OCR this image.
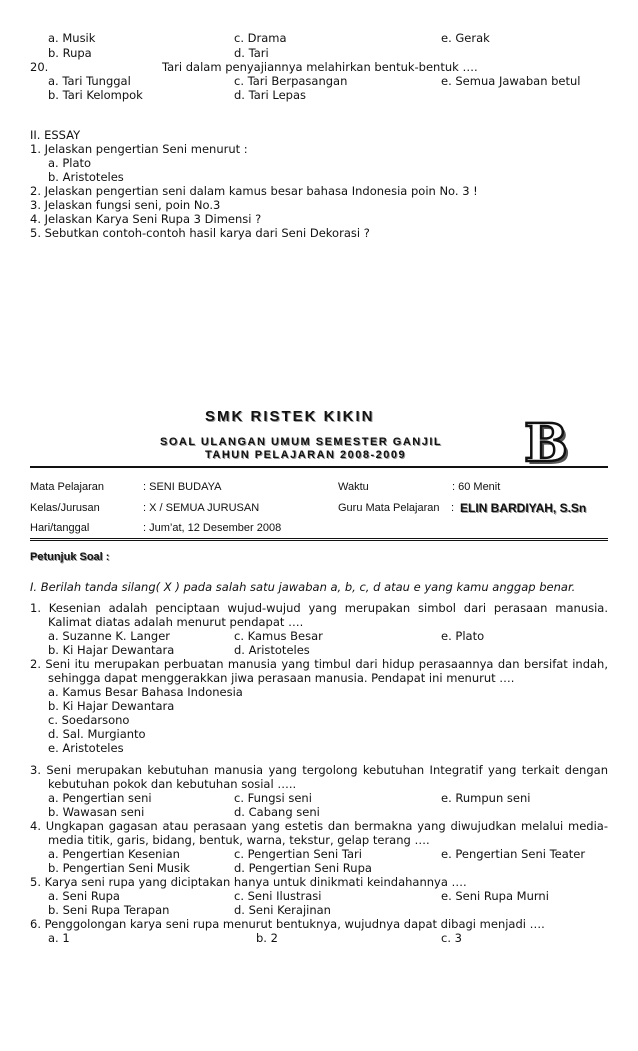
a. Musik	c. Drama	e. Gerak
b. Rupa	d. Tari
20.	Tari dalam penyajiannya melahirkan bentuk-bentuk ….
a. Tari Tunggal	c. Tari Berpasangan	e. Semua Jawaban betul
b. Tari Kelompok	d. Tari Lepas
II. ESSAY
1. Jelaskan pengertian Seni menurut :
a. Plato
b. Aristoteles
2. Jelaskan pengertian seni dalam kamus besar bahasa Indonesia poin No. 3 !
3. Jelaskan fungsi seni, poin No.3
4. Jelaskan Karya Seni Rupa 3 Dimensi ?
5. Sebutkan contoh-contoh hasil karya dari Seni Dekorasi ?
SMK RISTEK KIKIN
SOAL ULANGAN UMUM SEMESTER GANJIL
TAHUN PELAJARAN 2008-2009 B
Mata Pelajaran	: SENI BUDAYA	Waktu	: 60 Menit
Kelas/Jurusan	: X / SEMUA JURUSAN	Guru Mata Pelajaran : ELIN BARDIYAH, S.Sn
Hari/tanggal	: Jum’at, 12 Desember 2008
Petunjuk Soal :
I. Berilah tanda silang( X ) pada salah satu jawaban a, b, c, d atau e yang kamu anggap benar.
1. Kesenian adalah penciptaan wujud-wujud yang merupakan simbol dari perasaan manusia.
Kalimat diatas adalah menurut pendapat ….
a. Suzanne K. Langer	c. Kamus Besar	e. Plato
b. Ki Hajar Dewantara	d. Aristoteles
2. Seni itu merupakan perbuatan manusia yang timbul dari hidup perasaannya dan bersifat indah,
sehingga dapat menggerakkan jiwa perasaan manusia. Pendapat ini menurut ….
a. Kamus Besar Bahasa Indonesia
b. Ki Hajar Dewantara
c. Soedarsono
d. Sal. Murgianto
e. Aristoteles
3. Seni merupakan kebutuhan manusia yang tergolong kebutuhan Integratif yang terkait dengan
kebutuhan pokok dan kebutuhan sosial …..
a. Pengertian seni	c. Fungsi seni	e. Rumpun seni
b. Wawasan seni	d. Cabang seni
4. Ungkapan gagasan atau perasaan yang estetis dan bermakna yang diwujudkan melalui media-
media titik, garis, bidang, bentuk, warna, tekstur, gelap terang ….
a. Pengertian Kesenian	c. Pengertian Seni Tari	e. Pengertian Seni Teater
b. Pengertian Seni Musik	d. Pengertian Seni Rupa
5. Karya seni rupa yang diciptakan hanya untuk dinikmati keindahannya ….
a. Seni Rupa	c. Seni Ilustrasi	e. Seni Rupa Murni
b. Seni Rupa Terapan	d. Seni Kerajinan
6. Penggolongan karya seni rupa menurut bentuknya, wujudnya dapat dibagi menjadi ….
a. 1	b. 2	c. 3
